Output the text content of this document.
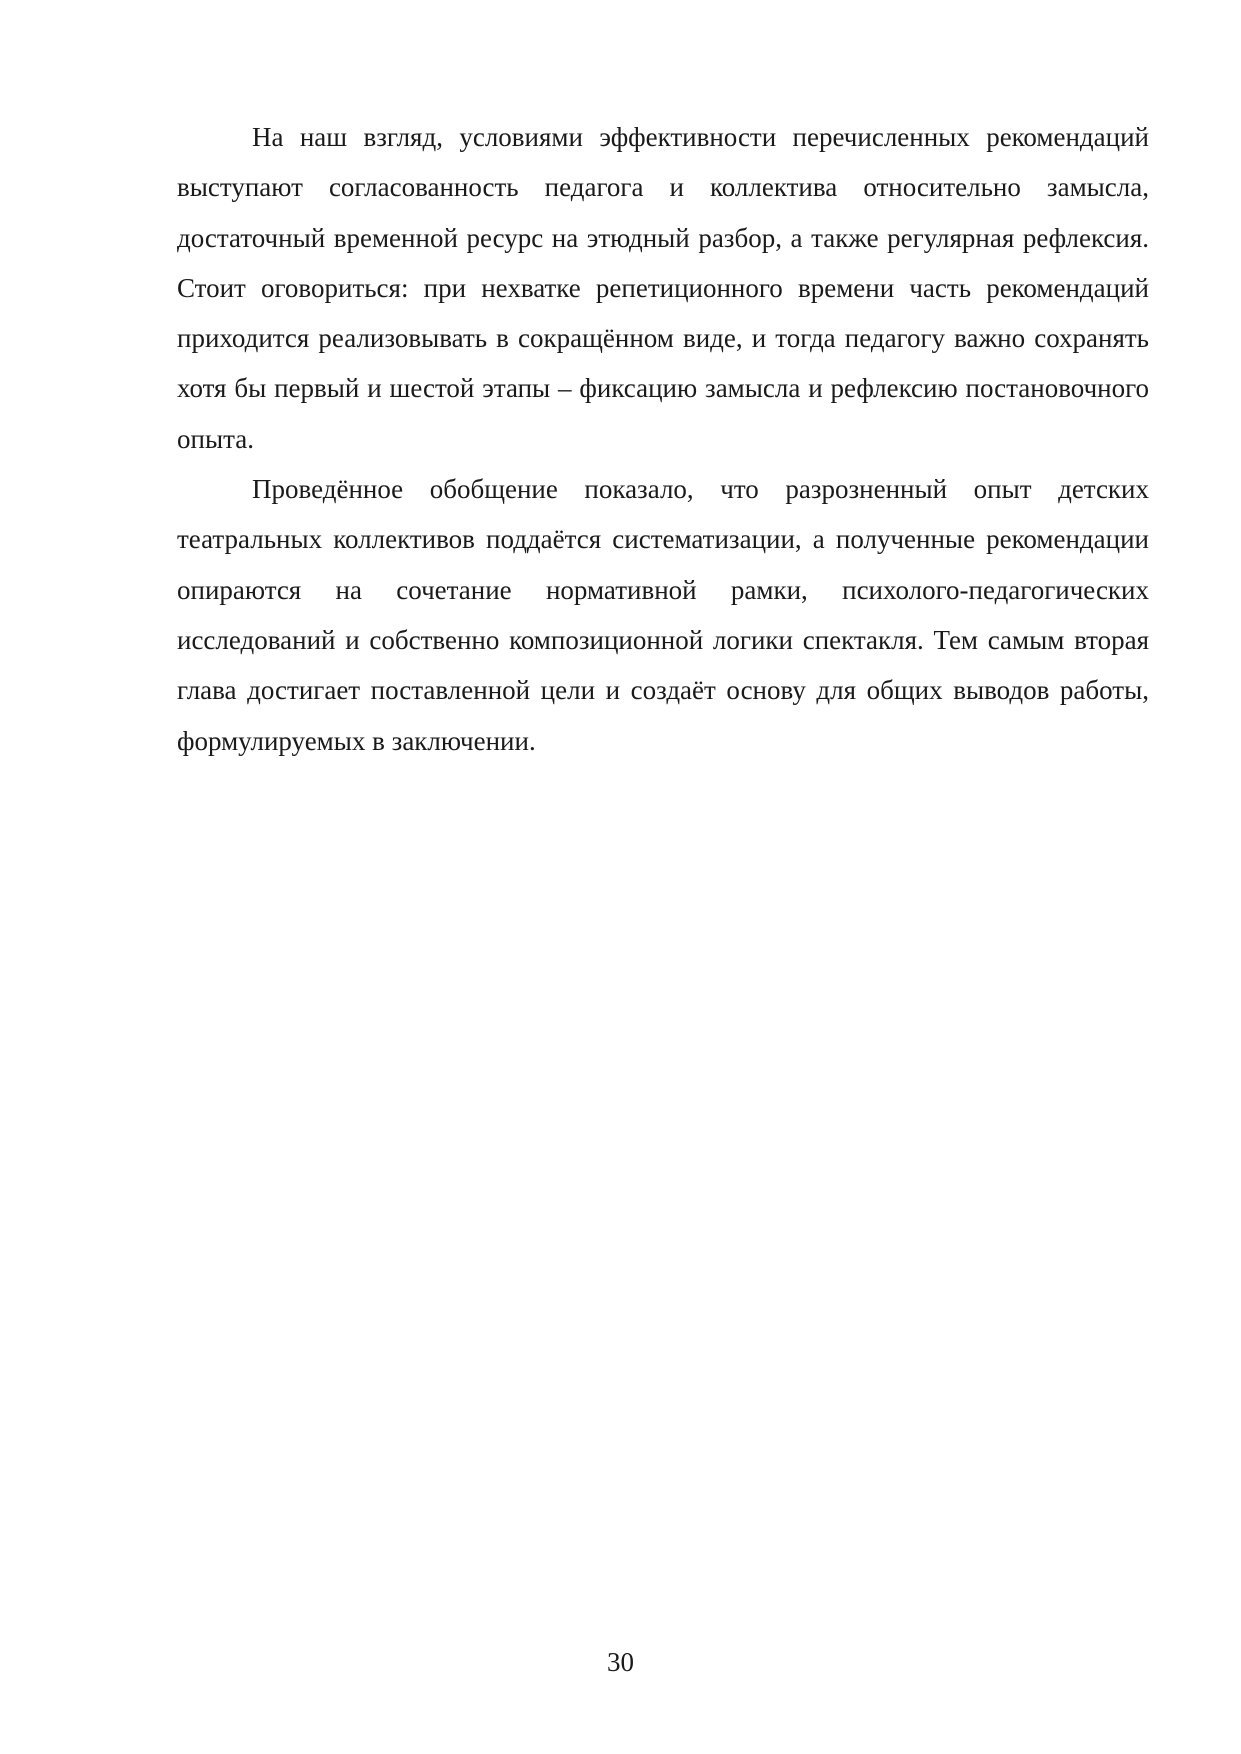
На наш взгляд, условиями эффективности перечисленных рекомендаций выступают согласованность педагога и коллектива относительно замысла, достаточный временной ресурс на этюдный разбор, а также регулярная рефлексия. Стоит оговориться: при нехватке репетиционного времени часть рекомендаций приходится реализовывать в сокращённом виде, и тогда педагогу важно сохранять хотя бы первый и шестой этапы – фиксацию замысла и рефлексию постановочного опыта.

Проведённое обобщение показало, что разрозненный опыт детских театральных коллективов поддаётся систематизации, а полученные рекомендации опираются на сочетание нормативной рамки, психолого-педагогических исследований и собственно композиционной логики спектакля. Тем самым вторая глава достигает поставленной цели и создаёт основу для общих выводов работы, формулируемых в заключении.

30
